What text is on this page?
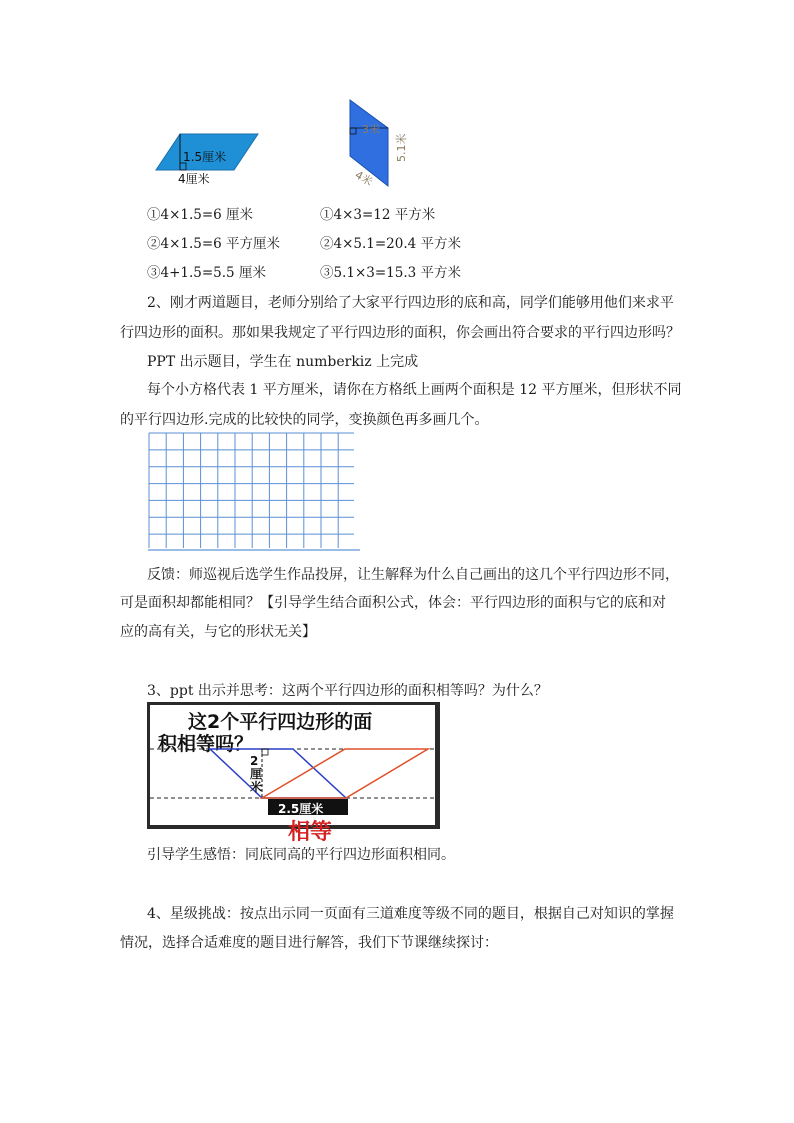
1.5厘米
4厘米
3米
5.1米
4米
①4×1.5=6 厘米
②4×1.5=6 平方厘米
③4+1.5=5.5 厘米
①4×3=12 平方米
②4×5.1=20.4 平方米
③5.1×3=15.3 平方米
2、刚才两道题目，老师分别给了大家平行四边形的底和高，同学们能够用他们来求平
行四边形的面积。那如果我规定了平行四边形的面积，你会画出符合要求的平行四边形吗？
PPT 出示题目，学生在 numberkiz 上完成
每个小方格代表 1 平方厘米，请你在方格纸上画两个面积是 12 平方厘米，但形状不同
的平行四边形.完成的比较快的同学，变换颜色再多画几个。
反馈：师巡视后选学生作品投屏，让生解释为什么自己画出的这几个平行四边形不同，
可是面积却都能相同？【引导学生结合面积公式，体会：平行四边形的面积与它的底和对
应的高有关，与它的形状无关】
3、ppt 出示并思考：这两个平行四边形的面积相等吗？为什么？
这2个平行四边形的面
积相等吗？
2厘米
2.5厘米
相等
引导学生感悟：同底同高的平行四边形面积相同。
4、星级挑战：按点出示同一页面有三道难度等级不同的题目，根据自己对知识的掌握
情况，选择合适难度的题目进行解答，我们下节课继续探讨：
